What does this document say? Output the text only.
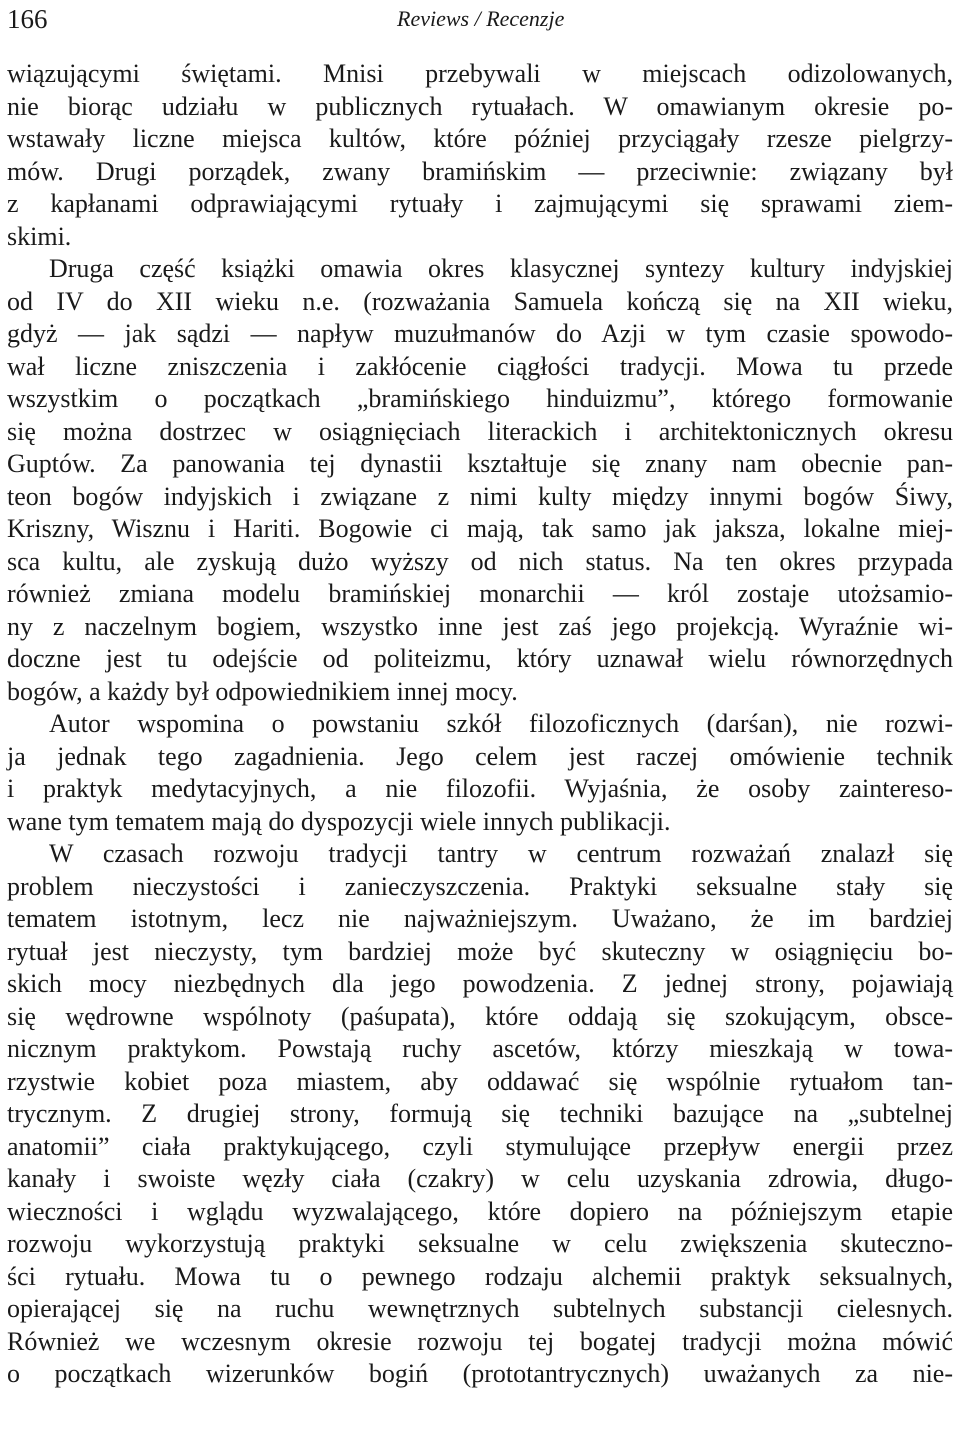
166	Reviews / Recenzje
wiązującymi świętami. Mnisi przebywali w miejscach odizolowanych,
nie biorąc udziału w publicznych rytuałach. W omawianym okresie po-
wstawały liczne miejsca kultów, które później przyciągały rzesze pielgrzy-
mów. Drugi porządek, zwany bramińskim — przeciwnie: związany był
z kapłanami odprawiającymi rytuały i zajmującymi się sprawami ziem-
skimi.
Druga część książki omawia okres klasycznej syntezy kultury indyjskiej
od IV do XII wieku n.e. (rozważania Samuela kończą się na XII wieku,
gdyż — jak sądzi — napływ muzułmanów do Azji w tym czasie spowodo-
wał liczne zniszczenia i zakłócenie ciągłości tradycji. Mowa tu przede
wszystkim o początkach „bramińskiego hinduizmu”, którego formowanie
się można dostrzec w osiągnięciach literackich i architektonicznych okresu
Guptów. Za panowania tej dynastii kształtuje się znany nam obecnie pan-
teon bogów indyjskich i związane z nimi kulty między innymi bogów Śiwy,
Kriszny, Wisznu i Hariti. Bogowie ci mają, tak samo jak jaksza, lokalne miej-
sca kultu, ale zyskują dużo wyższy od nich status. Na ten okres przypada
również zmiana modelu bramińskiej monarchii — król zostaje utożsamio-
ny z naczelnym bogiem, wszystko inne jest zaś jego projekcją. Wyraźnie wi-
doczne jest tu odejście od politeizmu, który uznawał wielu równorzędnych
bogów, a każdy był odpowiednikiem innej mocy.
Autor wspomina o powstaniu szkół filozoficznych (darśan), nie rozwi-
ja jednak tego zagadnienia. Jego celem jest raczej omówienie technik
i praktyk medytacyjnych, a nie filozofii. Wyjaśnia, że osoby zaintereso-
wane tym tematem mają do dyspozycji wiele innych publikacji.
W czasach rozwoju tradycji tantry w centrum rozważań znalazł się
problem nieczystości i zanieczyszczenia. Praktyki seksualne stały się
tematem istotnym, lecz nie najważniejszym. Uważano, że im bardziej
rytuał jest nieczysty, tym bardziej może być skuteczny w osiągnięciu bo-
skich mocy niezbędnych dla jego powodzenia. Z jednej strony, pojawiają
się wędrowne wspólnoty (paśupata), które oddają się szokującym, obsce-
nicznym praktykom. Powstają ruchy ascetów, którzy mieszkają w towa-
rzystwie kobiet poza miastem, aby oddawać się wspólnie rytuałom tan-
trycznym. Z drugiej strony, formują się techniki bazujące na „subtelnej
anatomii” ciała praktykującego, czyli stymulujące przepływ energii przez
kanały i swoiste węzły ciała (czakry) w celu uzyskania zdrowia, długo-
wieczności i wglądu wyzwalającego, które dopiero na późniejszym etapie
rozwoju wykorzystują praktyki seksualne w celu zwiększenia skuteczno-
ści rytuału. Mowa tu o pewnego rodzaju alchemii praktyk seksualnych,
opierającej się na ruchu wewnętrznych subtelnych substancji cielesnych.
Również we wczesnym okresie rozwoju tej bogatej tradycji można mówić
o początkach wizerunków bogiń (prototantrycznych) uważanych za nie-
